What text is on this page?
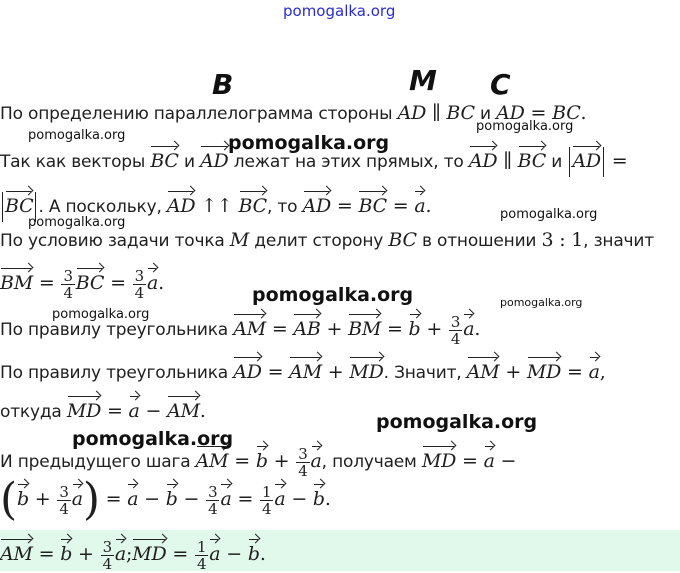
pomogalka.org
B	M C
По определению параллелограмма стороны AD ∥ BC и AD = BC.
Так как векторы BC и AD лежат на этих прямых, то AD ∥ BC и AD =
BC . А поскольку, AD ↑↑ BC, то AD = BC = a.
По условию задачи точка M делит сторону BC в отношении 3 : 1, значит
BM = $\frac{3}{4}$ BC = $\frac{3}{4} a$.
По правилу треугольника AM = AB + BM = $b + \frac{3}{4} a$.
По правилу треугольника AD = AM + MD. Значит, AM + MD = a,
откуда MD = a − AM.
И предыдущего шага AM = $b + \frac{3}{4} a$, получаем MD = a −
$(b + \frac{3}{4} a) = a - b - \frac{3}{4}$ $a = \frac{1}{4}$ a − b.
AM = $b + \frac{3}{4}$ a;MD = $\frac{1}{4}$ a − b.
pomogalka.org	pomogalka.org
pomogalka.org
pomogalka.org
pomogalka.org
pomogalka.org	pomogalka.org
pomogalka.org
pomogalka.org
pomogalka.org
